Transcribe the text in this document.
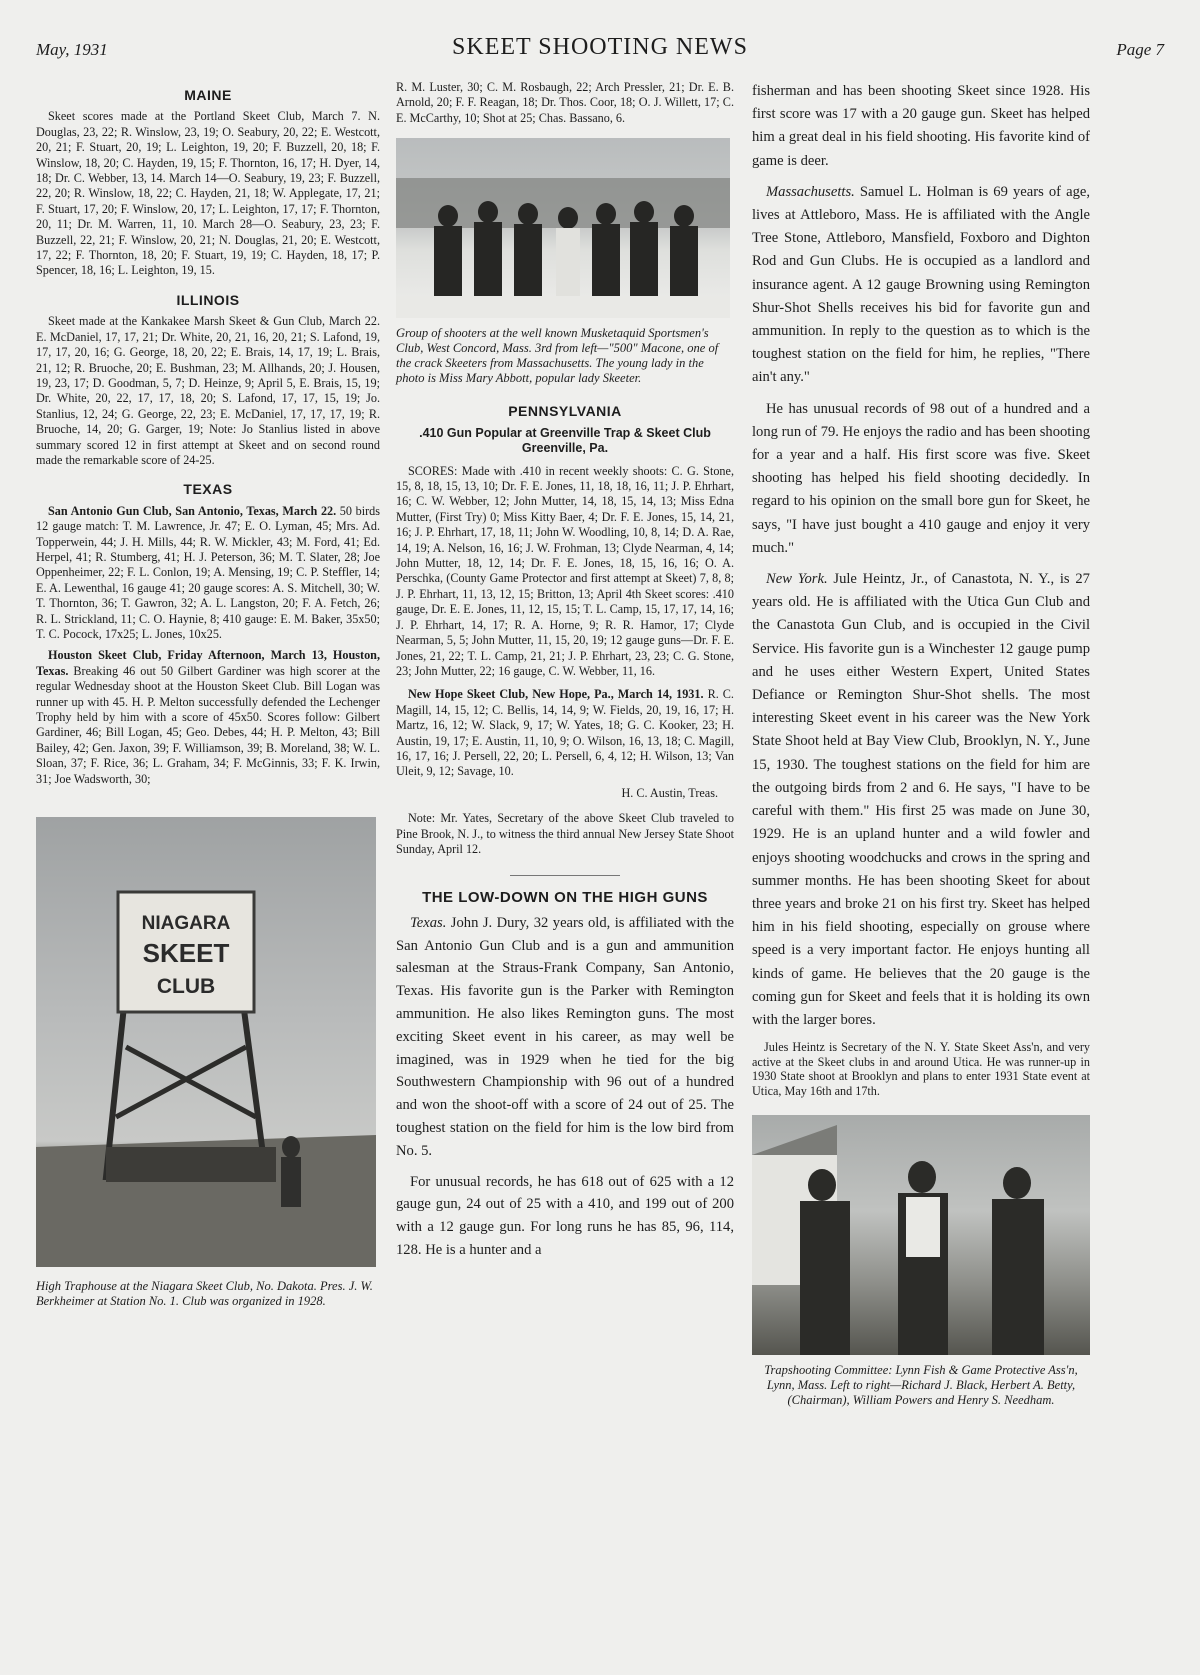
May, 1931	SKEET SHOOTING NEWS	Page 7
MAINE

Skeet scores made at the Portland Skeet Club, March 7. N. Douglas, 23, 22; R. Winslow, 23, 19; O. Seabury, 20, 22; E. Westcott, 20, 21; F. Stuart, 20, 19; L. Leighton, 19, 20; F. Buzzell, 20, 18; F. Winslow, 18, 20; C. Hayden, 19, 15; F. Thornton, 16, 17; H. Dyer, 14, 18; Dr. C. Webber, 13, 14. March 14—O. Seabury, 19, 23; F. Buzzell, 22, 20; R. Winslow, 18, 22; C. Hayden, 21, 18; W. Applegate, 17, 21; F. Stuart, 17, 20; F. Winslow, 20, 17; L. Leighton, 17, 17; F. Thornton, 20, 11; Dr. M. Warren, 11, 10. March 28—O. Seabury, 23, 23; F. Buzzell, 22, 21; F. Winslow, 20, 21; N. Douglas, 21, 20; E. Westcott, 17, 22; F. Thornton, 18, 20; F. Stuart, 19, 19; C. Hayden, 18, 17; P. Spencer, 18, 16; L. Leighton, 19, 15.

ILLINOIS

Skeet made at the Kankakee Marsh Skeet & Gun Club, March 22. E. McDaniel, 17, 17, 21; Dr. White, 20, 21, 16, 20, 21; S. Lafond, 19, 17, 17, 20, 16; G. George, 18, 20, 22; E. Brais, 14, 17, 19; L. Brais, 21, 12; R. Bruoche, 20; E. Bushman, 23; M. Allhands, 20; J. Housen, 19, 23, 17; D. Goodman, 5, 7; D. Heinze, 9; April 5, E. Brais, 15, 19; Dr. White, 20, 22, 17, 17, 18, 20; S. Lafond, 17, 17, 15, 19; Jo. Stanlius, 12, 24; G. George, 22, 23; E. McDaniel, 17, 17, 17, 19; R. Bruoche, 14, 20; G. Garger, 19; Note: Jo Stanlius listed in above summary scored 12 in first attempt at Skeet and on second round made the remarkable score of 24-25.

TEXAS

San Antonio Gun Club, San Antonio, Texas, March 22. 50 birds 12 gauge match: T. M. Lawrence, Jr. 47; E. O. Lyman, 45; Mrs. Ad. Topperwein, 44; J. H. Mills, 44; R. W. Mickler, 43; M. Ford, 41; Ed. Herpel, 41; R. Stumberg, 41; H. J. Peterson, 36; M. T. Slater, 28; Joe Oppenheimer, 22; F. L. Conlon, 19; A. Mensing, 19; C. P. Steffler, 14; E. A. Lewenthal, 16 gauge 41; 20 gauge scores: A. S. Mitchell, 30; W. T. Thornton, 36; T. Gawron, 32; A. L. Langston, 20; F. A. Fetch, 26; R. L. Strickland, 11; C. O. Haynie, 8; 410 gauge: E. M. Baker, 35x50; T. C. Pocock, 17x25; L. Jones, 10x25.

Houston Skeet Club, Friday Afternoon, March 13, Houston, Texas. Breaking 46 out 50 Gilbert Gardiner was high scorer at the regular Wednesday shoot at the Houston Skeet Club. Bill Logan was runner up with 45. H. P. Melton successfully defended the Lechenger Trophy held by him with a score of 45x50. Scores follow: Gilbert Gardiner, 46; Bill Logan, 45; Geo. Debes, 44; H. P. Melton, 43; Bill Bailey, 42; Gen. Jaxon, 39; F. Williamson, 39; B. Moreland, 38; W. L. Sloan, 37; F. Rice, 36; L. Graham, 34; F. McGinnis, 33; F. K. Irwin, 31; Joe Wadsworth, 30;

NIAGARA
SKEET
CLUB
High Traphouse at the Niagara Skeet Club, No. Dakota. Pres. J. W. Berkheimer at Station No. 1. Club was organized in 1928.

R. M. Luster, 30; C. M. Rosbaugh, 22; Arch Pressler, 21; Dr. E. B. Arnold, 20; F. F. Reagan, 18; Dr. Thos. Coor, 18; O. J. Willett, 17; C. E. McCarthy, 10; Shot at 25; Chas. Bassano, 6.

Group of shooters at the well known Musketaquid Sportsmen's Club, West Concord, Mass. 3rd from left—"500" Macone, one of the crack Skeeters from Massachusetts. The young lady in the photo is Miss Mary Abbott, popular lady Skeeter.
PENNSYLVANIA
.410 Gun Popular at Greenville Trap & Skeet Club Greenville, Pa.

SCORES: Made with .410 in recent weekly shoots: C. G. Stone, 15, 8, 18, 15, 13, 10; Dr. F. E. Jones, 11, 18, 18, 16, 11; J. P. Ehrhart, 16; C. W. Webber, 12; John Mutter, 14, 18, 15, 14, 13; Miss Edna Mutter, (First Try) 0; Miss Kitty Baer, 4; Dr. F. E. Jones, 15, 14, 21, 16; J. P. Ehrhart, 17, 18, 11; John W. Woodling, 10, 8, 14; D. A. Rae, 14, 19; A. Nelson, 16, 16; J. W. Frohman, 13; Clyde Nearman, 4, 14; John Mutter, 18, 12, 14; Dr. F. E. Jones, 18, 15, 16, 16; O. A. Perschka, (County Game Protector and first attempt at Skeet) 7, 8, 8; J. P. Ehrhart, 11, 13, 12, 15; Britton, 13; April 4th Skeet scores: .410 gauge, Dr. E. E. Jones, 11, 12, 15, 15; T. L. Camp, 15, 17, 17, 14, 16; J. P. Ehrhart, 14, 17; R. A. Horne, 9; R. R. Hamor, 17; Clyde Nearman, 5, 5; John Mutter, 11, 15, 20, 19; 12 gauge guns—Dr. F. E. Jones, 21, 22; T. L. Camp, 21, 21; J. P. Ehrhart, 23, 23; C. G. Stone, 23; John Mutter, 22; 16 gauge, C. W. Webber, 11, 16.

New Hope Skeet Club, New Hope, Pa., March 14, 1931. R. C. Magill, 14, 15, 12; C. Bellis, 14, 14, 9; W. Fields, 20, 19, 16, 17; H. Martz, 16, 12; W. Slack, 9, 17; W. Yates, 18; G. C. Kooker, 23; H. Austin, 19, 17; E. Austin, 11, 10, 9; O. Wilson, 16, 13, 18; C. Magill, 16, 17, 16; J. Persell, 22, 20; L. Persell, 6, 4, 12; H. Wilson, 13; Van Uleit, 9, 12; Savage, 10.

H. C. Austin, Treas.

Note: Mr. Yates, Secretary of the above Skeet Club traveled to Pine Brook, N. J., to witness the third annual New Jersey State Shoot Sunday, April 12.

THE LOW-DOWN ON THE HIGH GUNS

Texas. John J. Dury, 32 years old, is affiliated with the San Antonio Gun Club and is a gun and ammunition salesman at the Straus-Frank Company, San Antonio, Texas. His favorite gun is the Parker with Remington ammunition. He also likes Remington guns. The most exciting Skeet event in his career, as may well be imagined, was in 1929 when he tied for the big Southwestern Championship with 96 out of a hundred and won the shoot-off with a score of 24 out of 25. The toughest station on the field for him is the low bird from No. 5.

For unusual records, he has 618 out of 625 with a 12 gauge gun, 24 out of 25 with a 410, and 199 out of 200 with a 12 gauge gun. For long runs he has 85, 96, 114, 128. He is a hunter and a

fisherman and has been shooting Skeet since 1928. His first score was 17 with a 20 gauge gun. Skeet has helped him a great deal in his field shooting. His favorite kind of game is deer.

Massachusetts. Samuel L. Holman is 69 years of age, lives at Attleboro, Mass. He is affiliated with the Angle Tree Stone, Attleboro, Mansfield, Foxboro and Dighton Rod and Gun Clubs. He is occupied as a landlord and insurance agent. A 12 gauge Browning using Remington Shur-Shot Shells receives his bid for favorite gun and ammunition. In reply to the question as to which is the toughest station on the field for him, he replies, "There ain't any."

He has unusual records of 98 out of a hundred and a long run of 79. He enjoys the radio and has been shooting for a year and a half. His first score was five. Skeet shooting has helped his field shooting decidedly. In regard to his opinion on the small bore gun for Skeet, he says, "I have just bought a 410 gauge and enjoy it very much."

New York. Jule Heintz, Jr., of Canastota, N. Y., is 27 years old. He is affiliated with the Utica Gun Club and the Canastota Gun Club, and is occupied in the Civil Service. His favorite gun is a Winchester 12 gauge pump and he uses either Western Expert, United States Defiance or Remington Shur-Shot shells. The most interesting Skeet event in his career was the New York State Shoot held at Bay View Club, Brooklyn, N. Y., June 15, 1930. The toughest stations on the field for him are the outgoing birds from 2 and 6. He says, "I have to be careful with them." His first 25 was made on June 30, 1929. He is an upland hunter and a wild fowler and enjoys shooting woodchucks and crows in the spring and summer months. He has been shooting Skeet for about three years and broke 21 on his first try. Skeet has helped him in his field shooting, especially on grouse where speed is a very important factor. He enjoys hunting all kinds of game. He believes that the 20 gauge is the coming gun for Skeet and feels that it is holding its own with the larger bores.

Jules Heintz is Secretary of the N. Y. State Skeet Ass'n, and very active at the Skeet clubs in and around Utica. He was runner-up in 1930 State shoot at Brooklyn and plans to enter 1931 State event at Utica, May 16th and 17th.

Trapshooting Committee: Lynn Fish & Game Protective Ass'n, Lynn, Mass. Left to right—Richard J. Black, Herbert A. Betty, (Chairman), William Powers and Henry S. Needham.
